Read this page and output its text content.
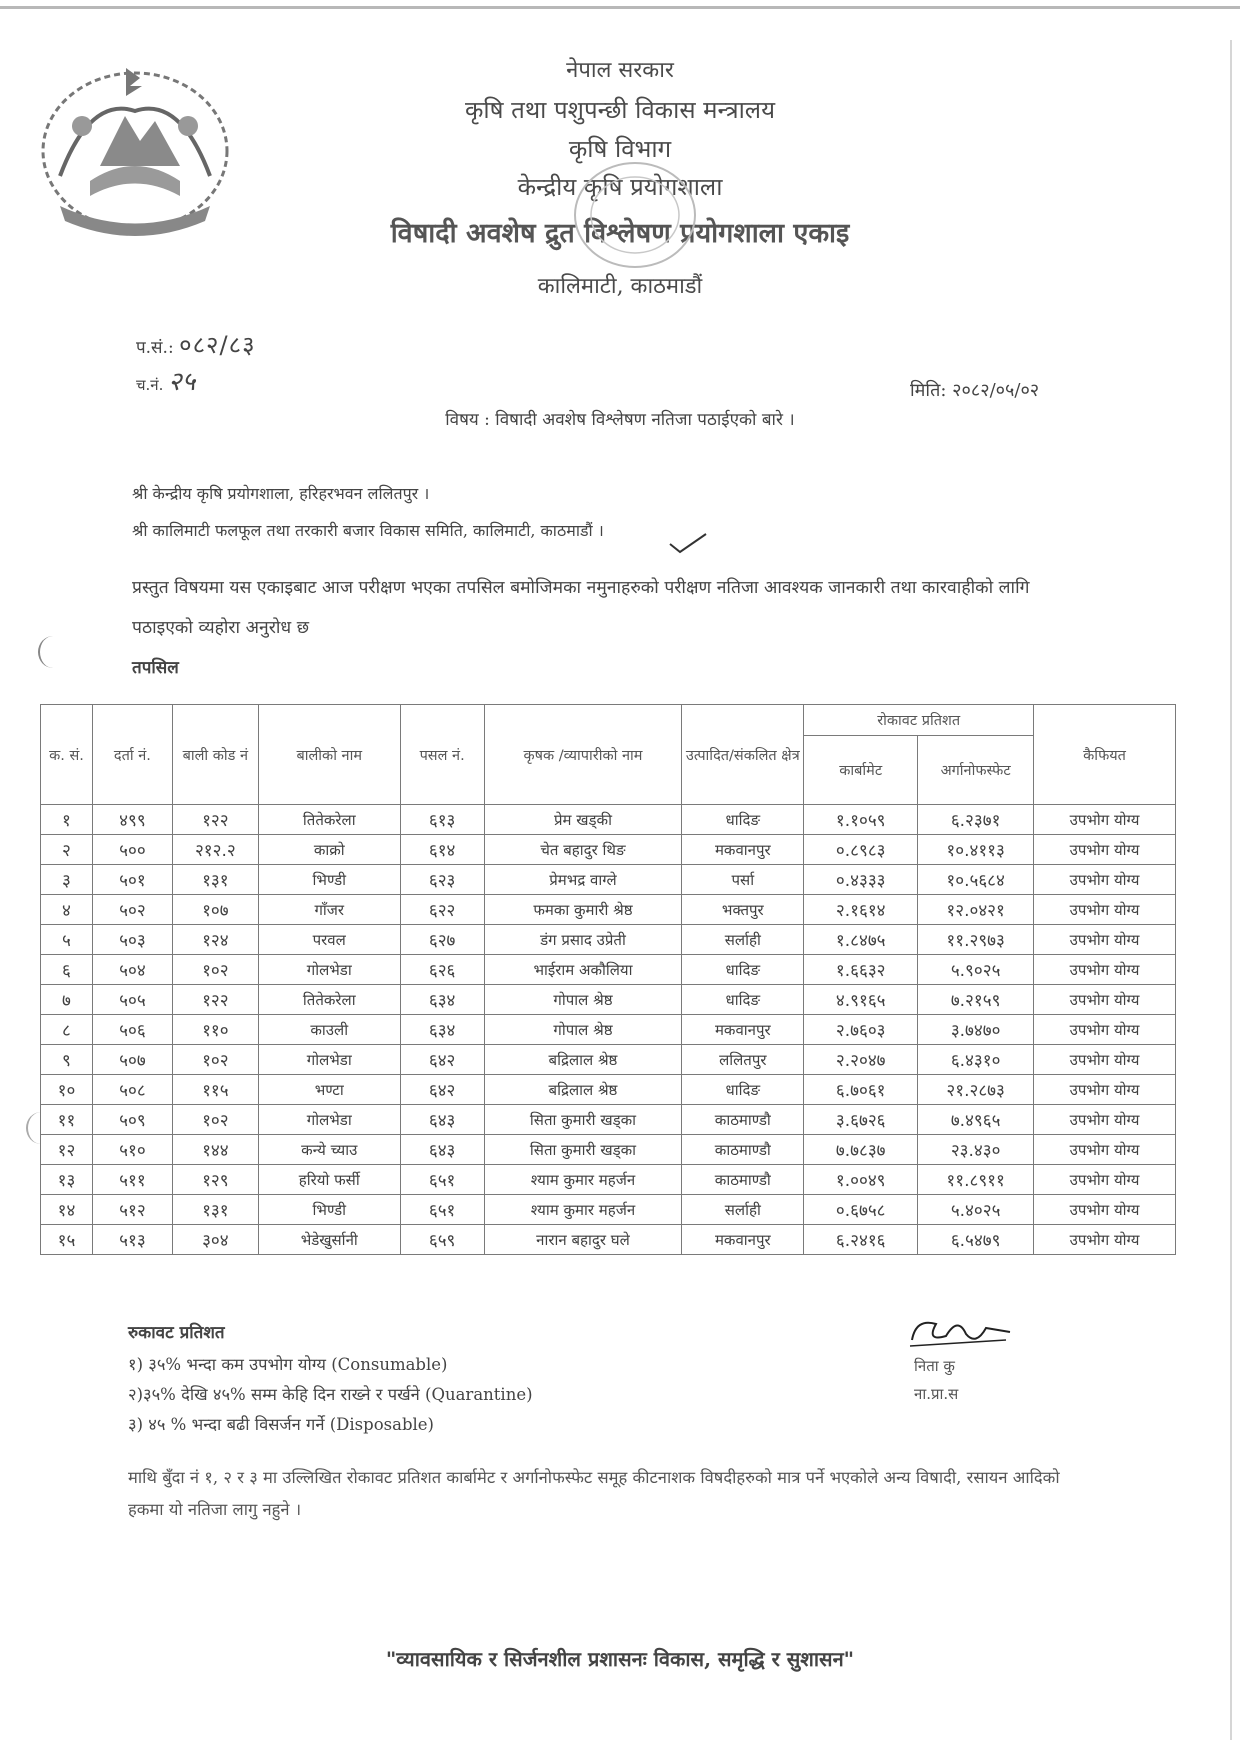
नेपाल सरकार
कृषि तथा पशुपन्छी विकास मन्त्रालय
कृषि विभाग
केन्द्रीय कृषि प्रयोगशाला
विषादी अवशेष द्रुत विश्लेषण प्रयोगशाला एकाइ
कालिमाटी, काठमाडौं
प.सं.: ०८२/८३
च.नं. २५	मिति: २०८२/०५/०२
विषय : विषादी अवशेष विश्लेषण नतिजा पठाईएको बारे ।
श्री केन्द्रीय कृषि प्रयोगशाला, हरिहरभवन ललितपुर ।
श्री कालिमाटी फलफूल तथा तरकारी बजार विकास समिति, कालिमाटी, काठमाडौं ।
प्रस्तुत विषयमा यस एकाइबाट आज परीक्षण भएका तपसिल बमोजिमका नमुनाहरुको परीक्षण नतिजा आवश्यक जानकारी तथा कारवाहीको लागि पठाइएको व्यहोरा अनुरोध छ
तपसिल
क. सं.	दर्ता नं.	बाली कोड नं	बालीको नाम	पसल नं.	कृषक /व्यापारीको नाम	उत्पादित/संकलित क्षेत्र	रोकावट प्रतिशत		कैफियत
							कार्बामेट	अर्गानोफस्फेट	
१	४९९	१२२	तितेकरेला	६१३	प्रेम खड्की	धादिङ	१.१०५९	६.२३७१	उपभोग योग्य
२	५००	२१२.२	काक्रो	६१४	चेत बहादुर थिङ	मकवानपुर	०.८९८३	१०.४११३	उपभोग योग्य
३	५०१	१३१	भिण्डी	६२३	प्रेमभद्र वाग्ले	पर्सा	०.४३३३	१०.५६८४	उपभोग योग्य
४	५०२	१०७	गाँजर	६२२	फमका कुमारी श्रेष्ठ	भक्तपुर	२.१६१४	१२.०४२१	उपभोग योग्य
५	५०३	१२४	परवल	६२७	डंग प्रसाद उप्रेती	सर्लाही	१.८४७५	११.२९७३	उपभोग योग्य
६	५०४	१०२	गोलभेडा	६२६	भाईराम अकौलिया	धादिङ	१.६६३२	५.९०२५	उपभोग योग्य
७	५०५	१२२	तितेकरेला	६३४	गोपाल श्रेष्ठ	धादिङ	४.९१६५	७.२१५९	उपभोग योग्य
८	५०६	११०	काउली	६३४	गोपाल श्रेष्ठ	मकवानपुर	२.७६०३	३.७४७०	उपभोग योग्य
९	५०७	१०२	गोलभेडा	६४२	बद्रिलाल श्रेष्ठ	ललितपुर	२.२०४७	६.४३१०	उपभोग योग्य
१०	५०८	११५	भण्टा	६४२	बद्रिलाल श्रेष्ठ	धादिङ	६.७०६१	२१.२८७३	उपभोग योग्य
११	५०९	१०२	गोलभेडा	६४३	सिता कुमारी खड्का	काठमाण्डौ	३.६७२६	७.४९६५	उपभोग योग्य
१२	५१०	१४४	कन्ये च्याउ	६४३	सिता कुमारी खड्का	काठमाण्डौ	७.७८३७	२३.४३०	उपभोग योग्य
१३	५११	१२९	हरियो फर्सी	६५१	श्याम कुमार महर्जन	काठमाण्डौ	१.००४९	११.८९११	उपभोग योग्य
१४	५१२	१३१	भिण्डी	६५१	श्याम कुमार महर्जन	सर्लाही	०.६७५८	५.४०२५	उपभोग योग्य
१५	५१३	३०४	भेडेखुर्सानी	६५९	नारान बहादुर घले	मकवानपुर	६.२४१६	६.५४७९	उपभोग योग्य
रुकावट प्रतिशत
१) ३५% भन्दा कम उपभोग योग्य (Consumable)
२)३५% देखि ४५% सम्म केहि दिन राख्ने र पर्खने (Quarantine)
३) ४५ % भन्दा बढी विसर्जन गर्ने (Disposable)
निता कु
ना.प्रा.स
माथि बुँदा नं १, २ र ३ मा उल्लिखित रोकावट प्रतिशत कार्बामेट र अर्गानोफस्फेट समूह कीटनाशक विषदीहरुको मात्र पर्ने भएकोले अन्य विषादी, रसायन आदिको हकमा यो नतिजा लागु नहुने ।
"व्यावसायिक र सिर्जनशील प्रशासनः विकास, समृद्धि र सुशासन"
